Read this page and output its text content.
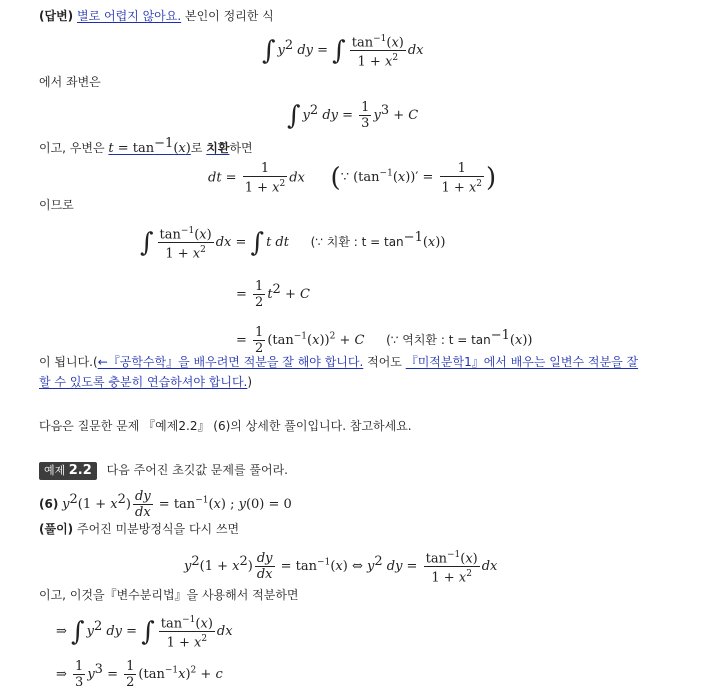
(답변) 별로 어렵지 않아요. 본인이 정리한 식
∫ $y^2$ dy = ∫ $\frac{\tan^{-1}(x)}{1 + x^2}$ dx
에서 좌변은
∫ $y^2$ dy = $\frac{1}{3} y^3 + C$
이고, 우변은 $t = \tan^{-1}(x)$로 치환하면
dt = $\frac{1}{1 + x^2}$ dx (∵ $(\tan^{-1}(x))' = \frac{1}{1 + x^2}$ )
이므로
∫ $\frac{\tan^{-1}(x)}{1 + x^2}$ dx = ∫ t dt (∵ 치환 : $t = \tan^{-1}(x)$)
= $\frac{1}{2} t^2 + C$
= $\frac{1}{2} (\tan^{-1}(x))^2 + C$ (∵ 역치환 : $t = \tan^{-1}(x)$)
이 됩니다.(←『공학수학』을 배우려면 적분을 잘 해야 합니다. 적어도 『미적분학1』에서 배우는 일변수 적분을 잘
할 수 있도록 충분히 연습하셔야 합니다.)
다음은 질문한 문제 『예제2.2』 (6)의 상세한 풀이입니다. 참고하세요.
예제 2.2 다음 주어진 초깃값 문제를 풀어라.
(6) $y^2(1 + x^2) \frac{dy}{dx} = \tan^{-1}(x)$ ; y(0) = 0
(풀이) 주어진 미분방정식을 다시 쓰면
$y^2(1 + x^2) \frac{dy}{dx} = \tan^{-1}(x)$ ⇔ $y^2$ dy = $\frac{\tan^{-1}(x)}{1 + x^2}$ dx
이고, 이것을『변수분리법』을 사용해서 적분하면
⇒ ∫ $y^2$ dy = ∫ $\frac{\tan^{-1}(x)}{1 + x^2}$ dx
⇒ $\frac{1}{3} y^3 = \frac{1}{2} (\tan^{-1}x)^2 + c$
